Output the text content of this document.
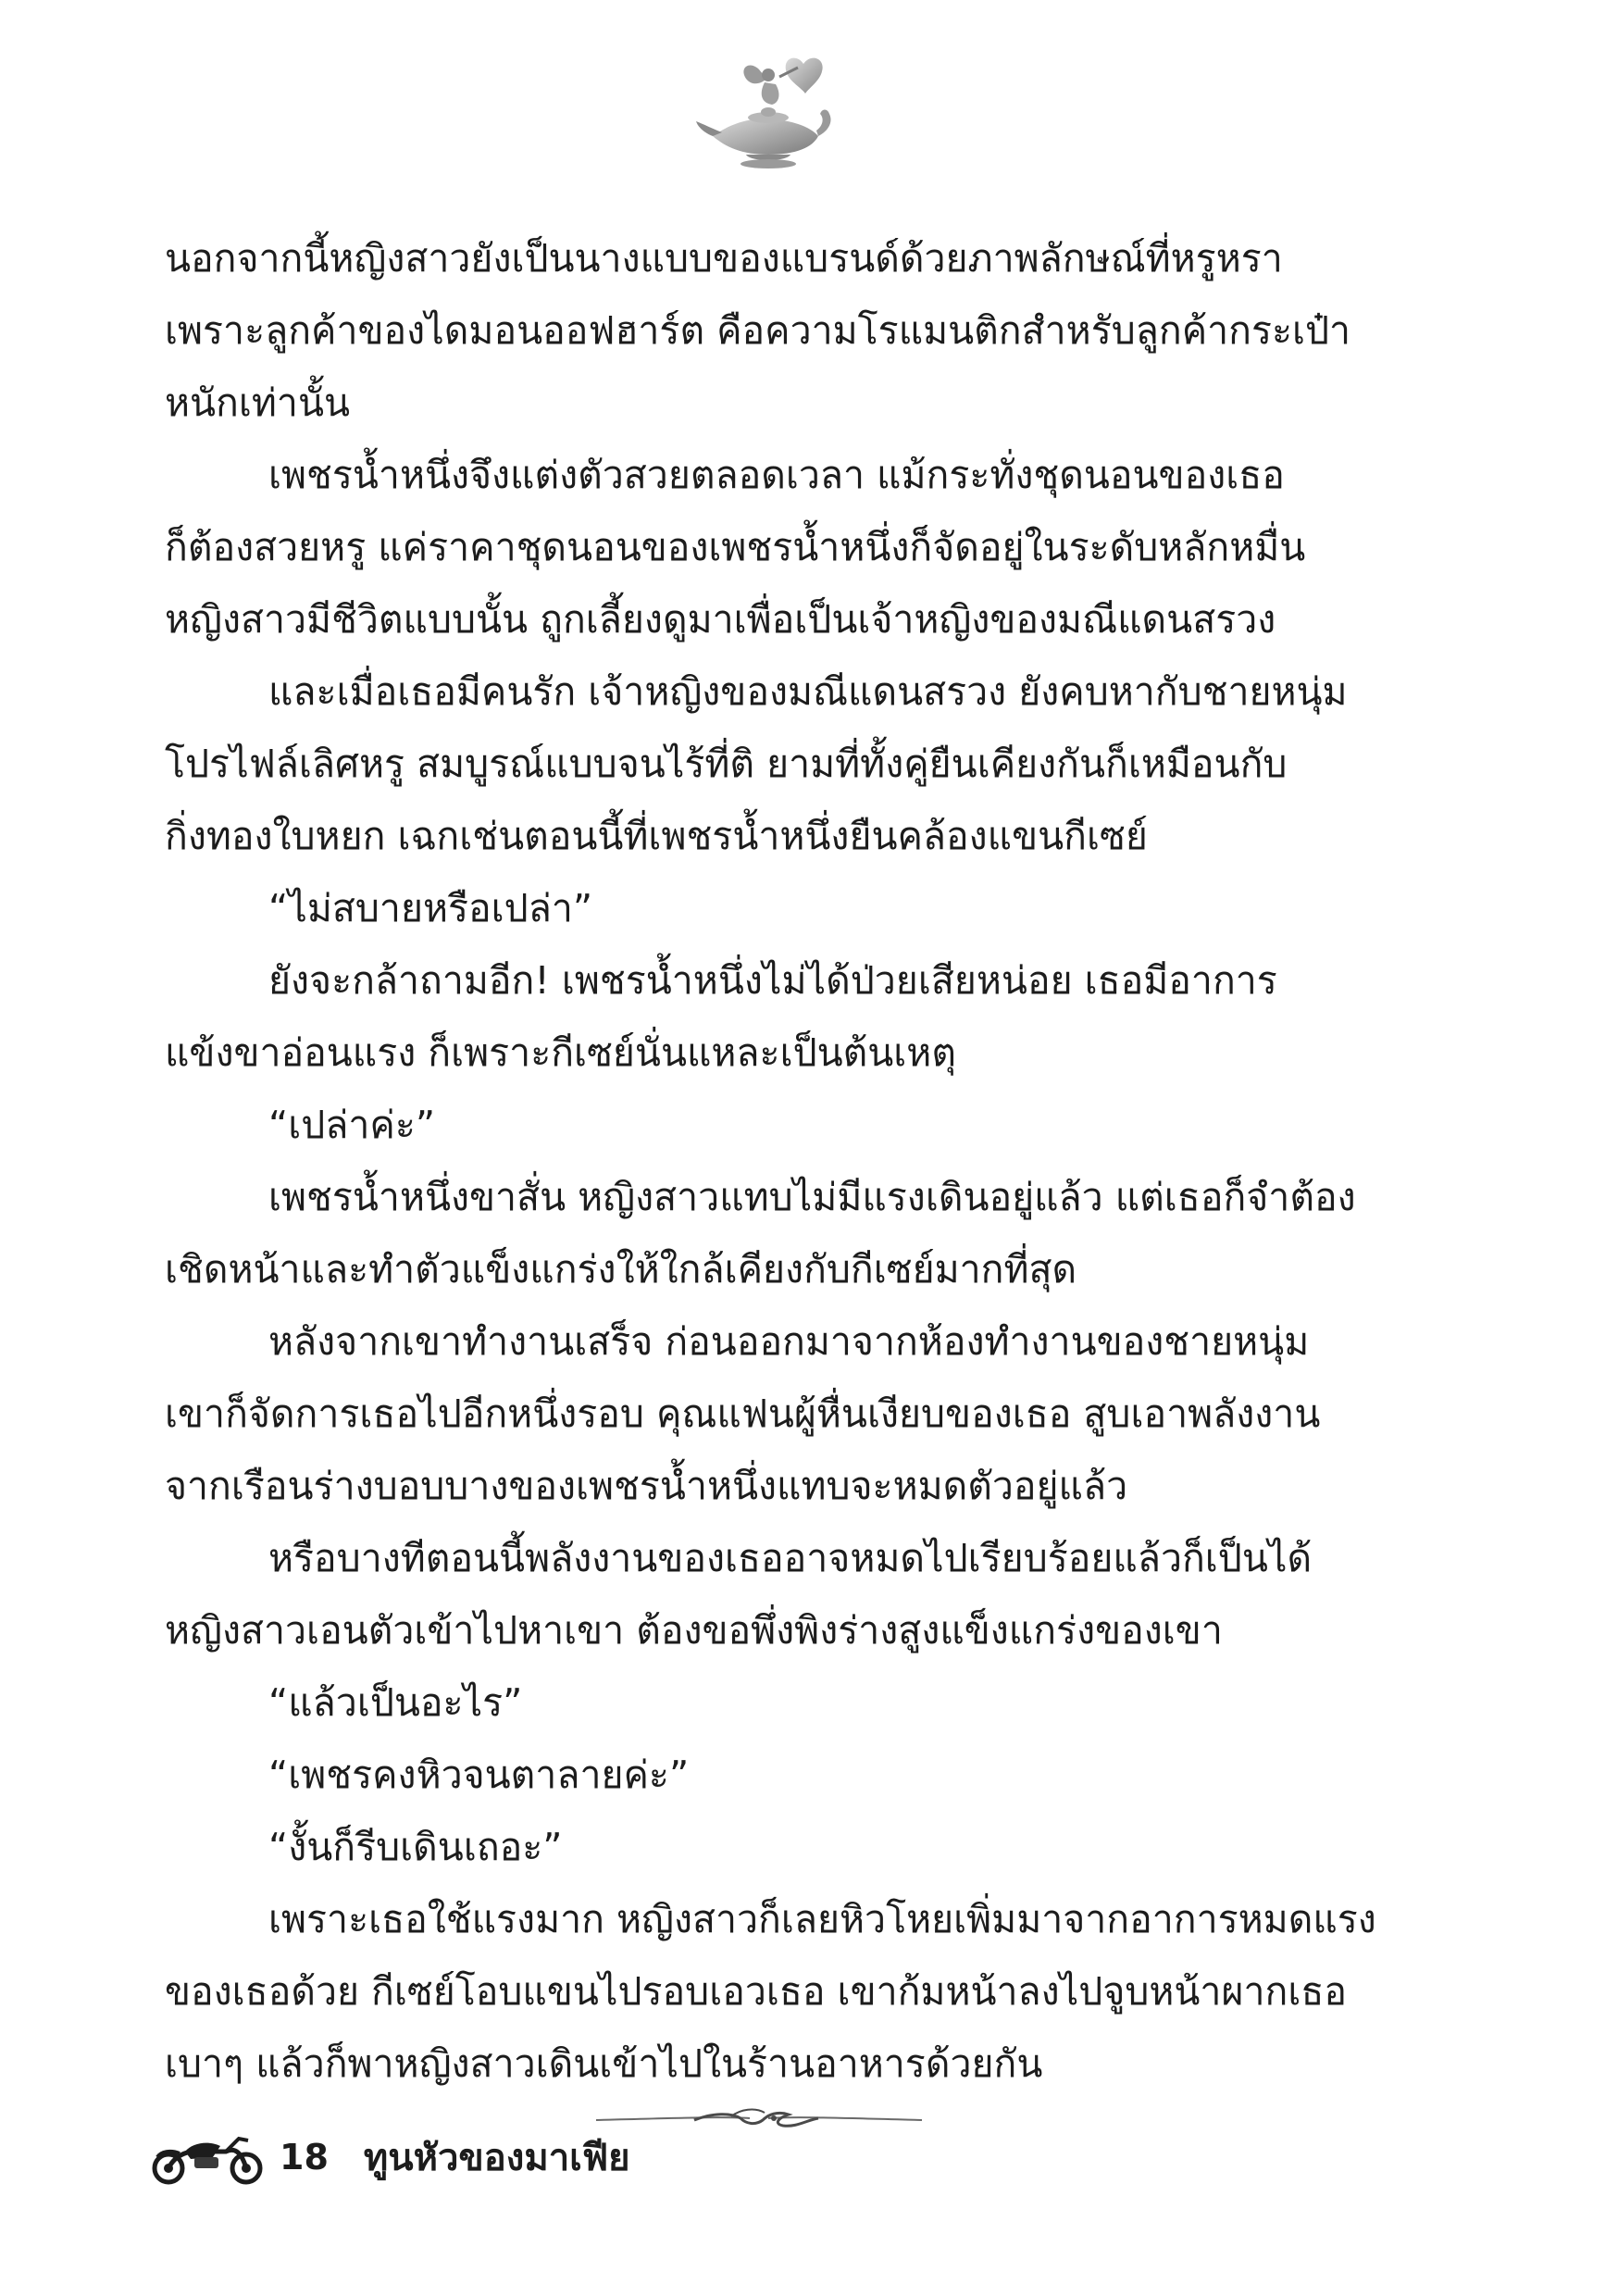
นอกจากนี้หญิงสาวยังเป็นนางแบบของแบรนด์ด้วยภาพลักษณ์ที่หรูหรา
เพราะลูกค้าของไดมอนออฟฮาร์ต คือความโรแมนติกสำหรับลูกค้ากระเป๋า
หนักเท่านั้น
เพชรน้ำหนึ่งจึงแต่งตัวสวยตลอดเวลา แม้กระทั่งชุดนอนของเธอ
ก็ต้องสวยหรู แค่ราคาชุดนอนของเพชรน้ำหนึ่งก็จัดอยู่ในระดับหลักหมื่น
หญิงสาวมีชีวิตแบบนั้น ถูกเลี้ยงดูมาเพื่อเป็นเจ้าหญิงของมณีแดนสรวง
และเมื่อเธอมีคนรัก เจ้าหญิงของมณีแดนสรวง ยังคบหากับชายหนุ่ม
โปรไฟล์เลิศหรู สมบูรณ์แบบจนไร้ที่ติ ยามที่ทั้งคู่ยืนเคียงกันก็เหมือนกับ
กิ่งทองใบหยก เฉกเช่นตอนนี้ที่เพชรน้ำหนึ่งยืนคล้องแขนกีเซย์
“ไม่สบายหรือเปล่า”
ยังจะกล้าถามอีก! เพชรน้ำหนึ่งไม่ได้ป่วยเสียหน่อย เธอมีอาการ
แข้งขาอ่อนแรง ก็เพราะกีเซย์นั่นแหละเป็นต้นเหตุ
“เปล่าค่ะ”
เพชรน้ำหนึ่งขาสั่น หญิงสาวแทบไม่มีแรงเดินอยู่แล้ว แต่เธอก็จำต้อง
เชิดหน้าและทำตัวแข็งแกร่งให้ใกล้เคียงกับกีเซย์มากที่สุด
หลังจากเขาทำงานเสร็จ ก่อนออกมาจากห้องทำงานของชายหนุ่ม
เขาก็จัดการเธอไปอีกหนึ่งรอบ คุณแฟนผู้หื่นเงียบของเธอ สูบเอาพลังงาน
จากเรือนร่างบอบบางของเพชรน้ำหนึ่งแทบจะหมดตัวอยู่แล้ว
หรือบางทีตอนนี้พลังงานของเธออาจหมดไปเรียบร้อยแล้วก็เป็นได้
หญิงสาวเอนตัวเข้าไปหาเขา ต้องขอพึ่งพิงร่างสูงแข็งแกร่งของเขา
“แล้วเป็นอะไร”
“เพชรคงหิวจนตาลายค่ะ”
“งั้นก็รีบเดินเถอะ”
เพราะเธอใช้แรงมาก หญิงสาวก็เลยหิวโหยเพิ่มมาจากอาการหมดแรง
ของเธอด้วย กีเซย์โอบแขนไปรอบเอวเธอ เขาก้มหน้าลงไปจูบหน้าผากเธอ
เบาๆ แล้วก็พาหญิงสาวเดินเข้าไปในร้านอาหารด้วยกัน
18 ทูนหัวของมาเฟีย
